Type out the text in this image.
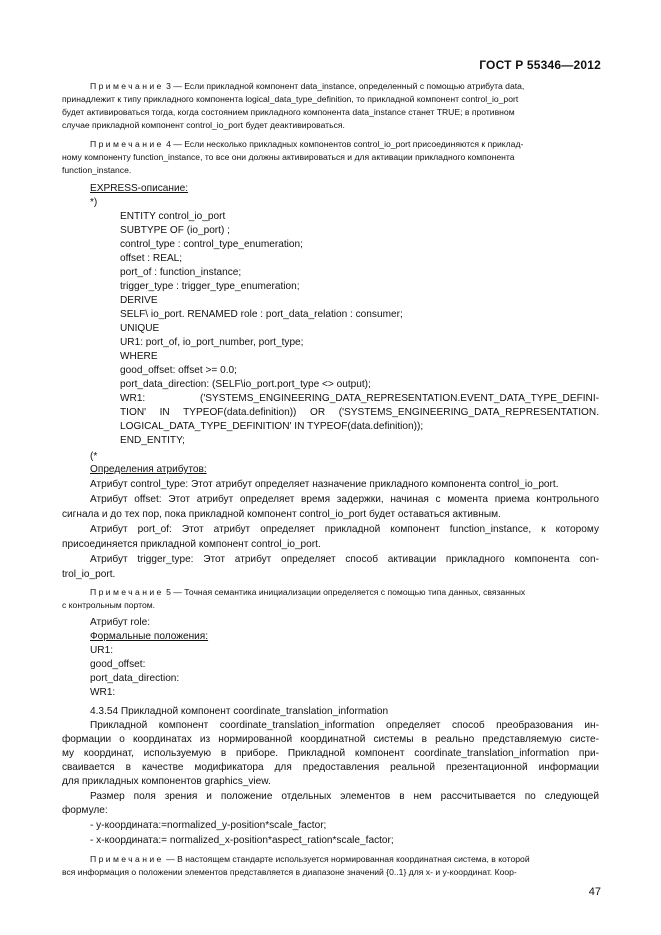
ГОСТ Р 55346—2012
Примечание 3 — Если прикладной компонент data_instance, определенный с помощью атрибута data,
принадлежит к типу прикладного компонента logical_data_type_definition, то прикладной компонент control_io_port
будет активироваться тогда, когда состоянием прикладного компонента data_instance станет TRUE; в противном
случае прикладной компонент control_io_port будет деактивироваться.
Примечание 4 — Если несколько прикладных компонентов control_io_port присоединяются к приклад-
ному компоненту function_instance, то все они должны активироваться и для активации прикладного компонента
function_instance.
EXPRESS-описание:
*)
ENTITY control_io_port
SUBTYPE OF (io_port) ;
control_type : control_type_enumeration;
offset : REAL;
port_of : function_instance;
trigger_type : trigger_type_enumeration;
DERIVE
SELF\ io_port. RENAMED role : port_data_relation : consumer;
UNIQUE
UR1: port_of, io_port_number, port_type;
WHERE
good_offset: offset >= 0.0;
port_data_direction: (SELF\io_port.port_type <> output);
WR1: ('SYSTEMS_ENGINEERING_DATA_REPRESENTATION.EVENT_DATA_TYPE_DEFINI-
TION' IN TYPEOF(data.definition)) OR ('SYSTEMS_ENGINEERING_DATA_REPRESENTATION.
LOGICAL_DATA_TYPE_DEFINITION' IN TYPEOF(data.definition));
END_ENTITY;
(*
Определения атрибутов:
Атрибут control_type: Этот атрибут определяет назначение прикладного компонента control_io_port.
Атрибут offset: Этот атрибут определяет время задержки, начиная с момента приема контрольного
сигнала и до тех пор, пока прикладной компонент control_io_port будет оставаться активным.
Атрибут port_of: Этот атрибут определяет прикладной компонент function_instance, к которому
присоединяется прикладной компонент control_io_port.
Атрибут trigger_type: Этот атрибут определяет способ активации прикладного компонента con-
trol_io_port.
Примечание 5 — Точная семантика инициализации определяется с помощью типа данных, связанных
с контрольным портом.
Атрибут role:
Формальные положения:
UR1:
good_offset:
port_data_direction:
WR1:
4.3.54 Прикладной компонент coordinate_translation_information
Прикладной компонент coordinate_translation_information определяет способ преобразования ин-
формации о координатах из нормированной координатной системы в реально представляемую систе-
му координат, используемую в приборе. Прикладной компонент coordinate_translation_information при-
сваивается в качестве модификатора для предоставления реальной презентационной информации
для прикладных компонентов graphics_view.
Размер поля зрения и положение отдельных элементов в нем рассчитывается по следующей
формуле:
- у-координата:=normalized_y-position*scale_factor;
- х-координата:= normalized_x-position*aspect_ration*scale_factor;
Примечание — В настоящем стандарте используется нормированная координатная система, в которой
вся информация о положении элементов представляется в диапазоне значений {0..1} для х- и у-координат. Коор-
47
